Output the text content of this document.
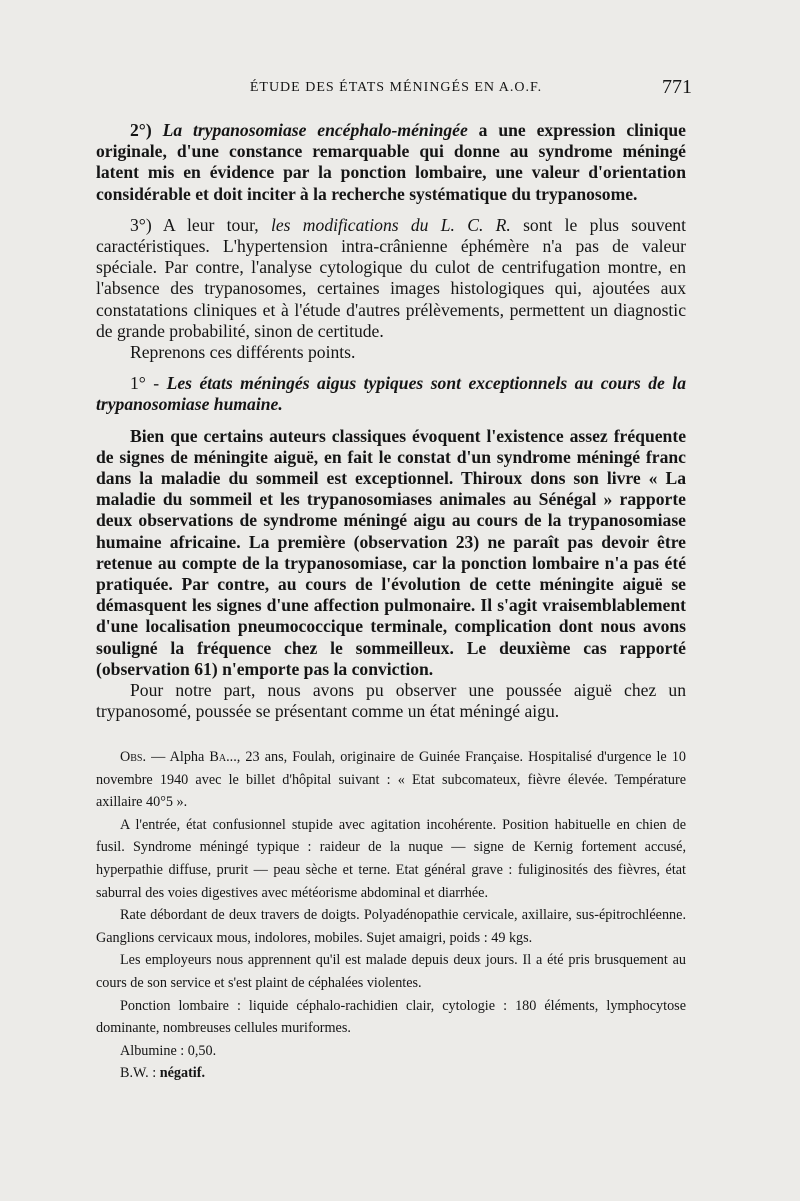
ÉTUDE DES ÉTATS MÉNINGÉS EN A.O.F.	771

2°) La trypanosomiase encéphalo-méningée a une expression clinique originale, d'une constance remarquable qui donne au syndrome méningé latent mis en évidence par la ponction lombaire, une valeur d'orientation considérable et doit inciter à la recherche systématique du trypanosome.

3°) A leur tour, les modifications du L. C. R. sont le plus souvent caractéristiques. L'hypertension intra-crânienne éphémère n'a pas de valeur spéciale. Par contre, l'analyse cytologique du culot de centrifugation montre, en l'absence des trypanosomes, certaines images histologiques qui, ajoutées aux constatations cliniques et à l'étude d'autres prélèvements, permettent un diagnostic de grande probabilité, sinon de certitude.

Reprenons ces différents points.

1° - Les états méningés aigus typiques sont exceptionnels au cours de la trypanosomiase humaine.

Bien que certains auteurs classiques évoquent l'existence assez fréquente de signes de méningite aiguë, en fait le constat d'un syndrome méningé franc dans la maladie du sommeil est exceptionnel. Thiroux dons son livre « La maladie du sommeil et les trypanosomiases animales au Sénégal » rapporte deux observations de syndrome méningé aigu au cours de la trypanosomiase humaine africaine. La première (observation 23) ne paraît pas devoir être retenue au compte de la trypanosomiase, car la ponction lombaire n'a pas été pratiquée. Par contre, au cours de l'évolution de cette méningite aiguë se démasquent les signes d'une affection pulmonaire. Il s'agit vraisemblablement d'une localisation pneumococcique terminale, complication dont nous avons souligné la fréquence chez le sommeilleux. Le deuxième cas rapporté (observation 61) n'emporte pas la conviction.

Pour notre part, nous avons pu observer une poussée aiguë chez un trypanosomé, poussée se présentant comme un état méningé aigu.

Obs. — Alpha Ba..., 23 ans, Foulah, originaire de Guinée Française. Hospitalisé d'urgence le 10 novembre 1940 avec le billet d'hôpital suivant : « Etat subcomateux, fièvre élevée. Température axillaire 40°5 ».

A l'entrée, état confusionnel stupide avec agitation incohérente. Position habituelle en chien de fusil. Syndrome méningé typique : raideur de la nuque — signe de Kernig fortement accusé, hyperpathie diffuse, prurit — peau sèche et terne. Etat général grave : fuliginosités des fièvres, état saburral des voies digestives avec météorisme abdominal et diarrhée.

Rate débordant de deux travers de doigts. Polyadénopathie cervicale, axillaire, sus-épitrochléenne. Ganglions cervicaux mous, indolores, mobiles. Sujet amaigri, poids : 49 kgs.

Les employeurs nous apprennent qu'il est malade depuis deux jours. Il a été pris brusquement au cours de son service et s'est plaint de céphalées violentes.

Ponction lombaire : liquide céphalo-rachidien clair, cytologie : 180 éléments, lymphocytose dominante, nombreuses cellules muriformes.

Albumine : 0,50.

B.W. : négatif.
